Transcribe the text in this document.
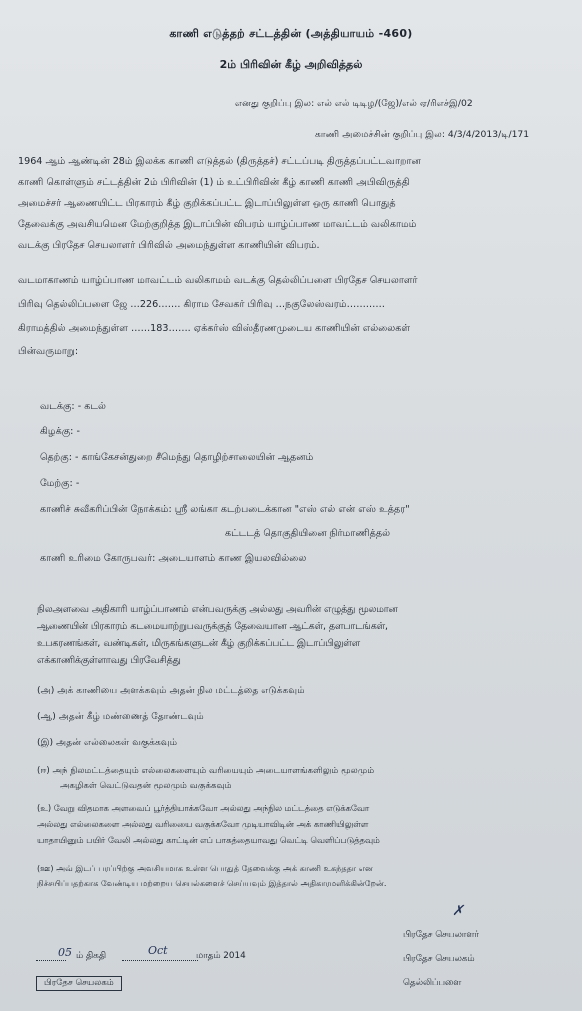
காணி எடுத்தற் சட்டத்தின் (அத்தியாயம் -460)
2ம் பிரிவின் கீழ் அறிவித்தல்
எனது குறிப்பு இல: எல் எல் டிடிழ/(ஜே)/எல் ஏ/ரிஎச்இ/02
காணி அமைச்சின் குறிப்பு இல: 4/3/4/2013/டி/171
1964 ஆம் ஆண்டின் 28ம் இலக்க காணி எடுத்தல் (திருத்தச்) சட்டப்படி திருத்தப்பட்டவாறான
காணி கொள்ளும் சட்டத்தின் 2ம் பிரிவின் (1) ம் உட்பிரிவின் கீழ் காணி காணி அபிவிருத்தி
அமைச்சர் ஆணையிட்ட பிரகாரம் கீழ் குறிக்கப்பட்ட இடாப்பிலுள்ள ஒரு காணி பொதுத்
தேவைக்கு அவசியமென மேற்குறித்த இடாப்பின் விபரம் யாழ்ப்பாண மாவட்டம் வலிகாமம்
வடக்கு பிரதேச செயலாளர் பிரிவில் அமைந்துள்ள காணியின் விபரம்.
வடமாகாணம் யாழ்ப்பாண மாவட்டம் வலிகாமம் வடக்கு தெல்லிப்பளை பிரதேச செயலாளர்
பிரிவு தெல்லிப்பளை ஜே …226……. கிராம சேவகர் பிரிவு …நகுலேஸ்வரம்…………
கிராமத்தில் அமைந்துள்ள ……183……. ஏக்கர்ஸ் விஸ்தீரணமுடைய காணியின் எல்லைகள்
பின்வருமாறு:
வடக்கு: - கடல்
கிழக்கு: -
தெற்கு: - காங்கேசன்துறை சீமெந்து தொழிற்சாலையின் ஆதனம்
மேற்கு: -
காணிச் சுவீகரிப்பின் நோக்கம்: ஸ்ரீ லங்கா கடற்படைக்கான "எஸ் எல் என் எஸ் உத்தர"
கட்டடத் தொகுதியினை நிர்மாணித்தல்
காணி உரிமை கோருபவர்: அடையாளம் காண இயலவில்லை
நிலஅளவை அதிகாரி யாழ்ப்பாணம் என்பவருக்கு அல்லது அவரின் எழுத்து மூலமான
ஆணையின் பிரகாரம் கடமையாற்றுபவருக்குத் தேவையான ஆட்கள், தளபாடங்கள்,
உபகரணங்கள், வண்டிகள், மிருகங்களுடன் கீழ் குறிக்கப்பட்ட இடாப்பிலுள்ள
எக்காணிக்குள்ளாவது பிரவேசித்து
(அ) அக் காணியை அளக்கவும் அதன் நில மட்டத்தை எடுக்கவும்
(ஆ) அதன் கீழ் மண்ணைத் தோண்டவும்
(இ) அதன் எல்லைகள் வகுக்கவும்
(ஈ) அந் நிலமட்டத்தையும் எல்லைகளையும் வரியையும் அடையாளங்களிலும் மூலமும்
அகழிகள் வெட்டுவதன் மூலமும் வகுக்கவும்
(உ) வேறு விதமாக அளவைப் பூர்த்தியாக்கவோ அல்லது அந்நில மட்டத்தை எடுக்கவோ
அல்லது எல்லைகளை அல்லது வரியைை வகுக்கவோ முடியாவிடின் அக் காணியிலுள்ள
யாதாயினும் பயிர் வேலி அல்லது காட்டின் எப் பாகத்தையாவது வெட்டி வெளிப்படுத்தவும்
(ஊ) அவ் இடப் பரப்பிற்கு அவசியமாக உள்ள பொதுத் தேவைக்கு அக் காணி உகந்ததா என
நிச்சயிப்பதற்காக வேண்டிய மற்றைய செயல்களைச் செய்யவும் இத்தால் அதிகாரமளிக்கின்றேன்.
✗
பிரதேச செயலாளர்
பிரதேச செயலகம்
தெல்லிப்பளை
05 ம் திகதி	Oct	மாதம் 2014
பிரதேச செயலகம்
